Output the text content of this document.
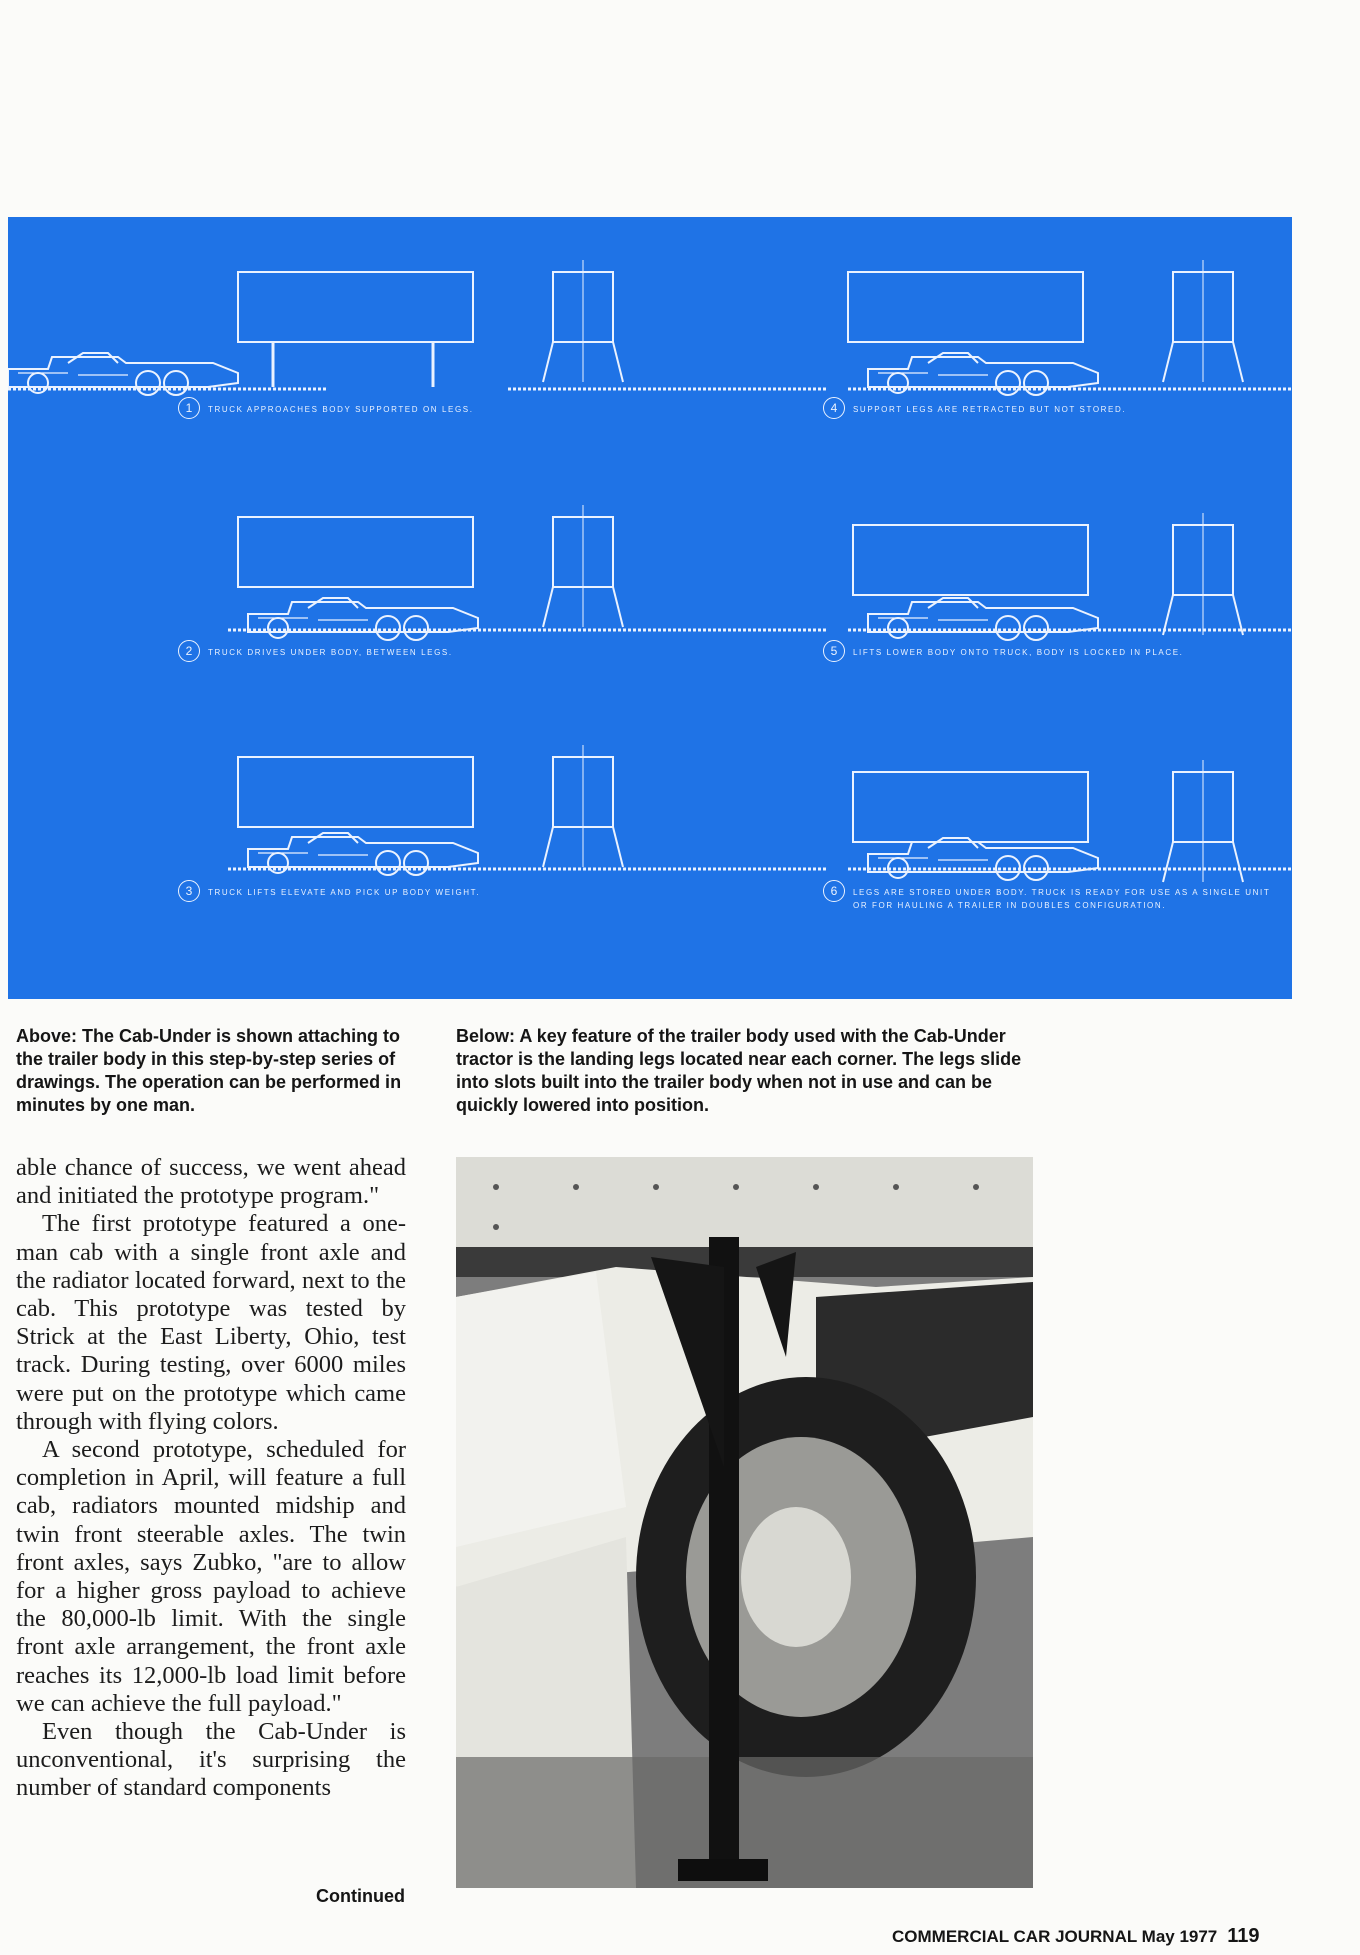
1	TRUCK APPROACHES BODY SUPPORTED ON LEGS.	4	SUPPORT LEGS ARE RETRACTED BUT NOT STORED.
2	TRUCK DRIVES UNDER BODY, BETWEEN LEGS.	5	LIFTS LOWER BODY ONTO TRUCK, BODY IS LOCKED IN PLACE.
3	TRUCK LIFTS ELEVATE AND PICK UP BODY WEIGHT.	6	LEGS ARE STORED UNDER BODY. TRUCK IS READY FOR USE AS A SINGLE UNIT OR FOR HAULING A TRAILER IN DOUBLES CONFIGURATION.
Above: The Cab-Under is shown attaching to the trailer body in this step-by-step series of drawings. The operation can be performed in minutes by one man.
Below: A key feature of the trailer body used with the Cab-Under tractor is the landing legs located near each corner. The legs slide into slots built into the trailer body when not in use and can be quickly lowered into position.

able chance of success, we went ahead and initiated the prototype program."

The first prototype featured a one-man cab with a single front axle and the radiator located forward, next to the cab. This prototype was tested by Strick at the East Liberty, Ohio, test track. During testing, over 6000 miles were put on the prototype which came through with flying colors.

A second prototype, scheduled for completion in April, will feature a full cab, radiators mounted midship and twin front steerable axles. The twin front axles, says Zubko, "are to allow for a higher gross payload to achieve the 80,000-lb limit. With the single front axle arrangement, the front axle reaches its 12,000-lb load limit before we can achieve the full payload."

Even though the Cab-Under is unconventional, it's surprising the number of standard components

Continued
COMMERCIAL CAR JOURNAL May 1977 119
